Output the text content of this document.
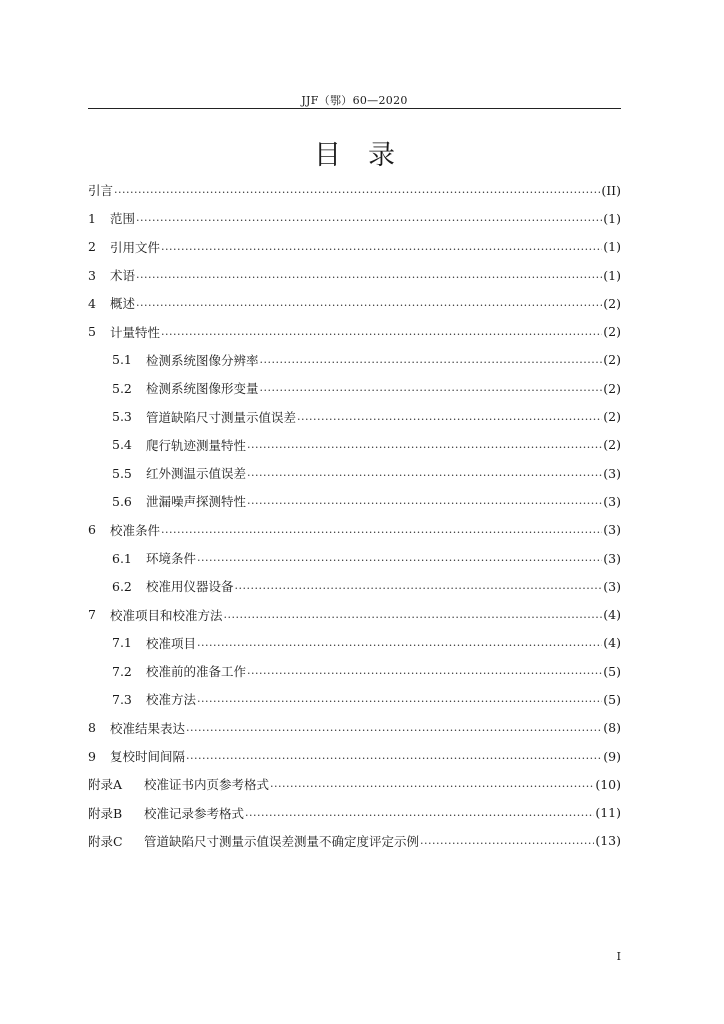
JJF（鄂）60—2020
目　录
引言 .....	(II)
1	范围 .....	(1)
2	引用文件 .....	(1)
3	术语 .....	(1)
4	概述 .....	(2)
5	计量特性 .....	(2)
5.1	检测系统图像分辨率 .....	(2)
5.2	检测系统图像形变量 .....	(2)
5.3	管道缺陷尺寸测量示值误差 .....	(2)
5.4	爬行轨迹测量特性 .....	(2)
5.5	红外测温示值误差 .....	(3)
5.6	泄漏噪声探测特性 .....	(3)
6	校准条件 .....	(3)
6.1	环境条件 .....	(3)
6.2	校准用仪器设备 .....	(3)
7	校准项目和校准方法 .....	(4)
7.1	校准项目 .....	(4)
7.2	校准前的准备工作 .....	(5)
7.3	校准方法 .....	(5)
8	校准结果表达 .....	(8)
9	复校时间间隔 .....	(9)
附录A	校准证书内页参考格式 .....	(10)
附录B	校准记录参考格式 .....	(11)
附录C	管道缺陷尺寸测量示值误差测量不确定度评定示例 .....	(13)
I
